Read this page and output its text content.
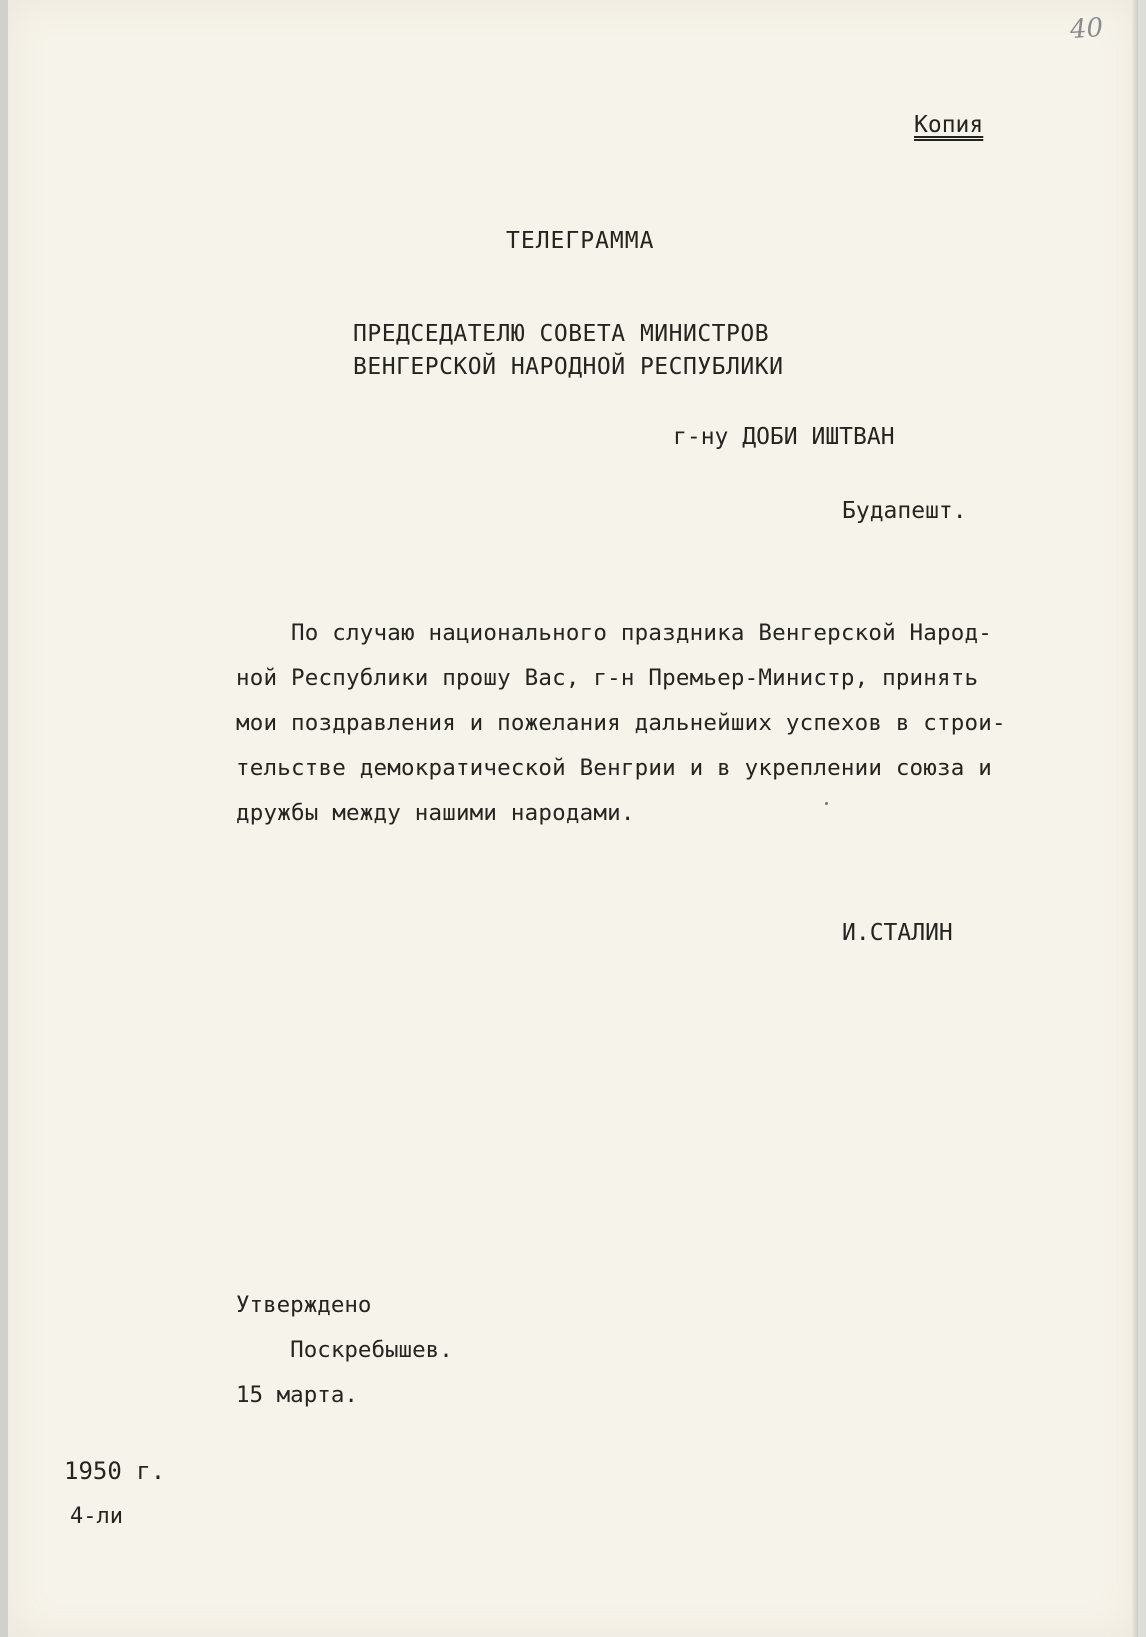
40
Копия
ТЕЛЕГРАММА
ПРЕДСЕДАТЕЛЮ СОВЕТА МИНИСТРОВ
ВЕНГЕРСКОЙ НАРОДНОЙ РЕСПУБЛИКИ
г-ну ДОБИ ИШТВАН
Будапешт.
По случаю национального праздника Венгерской Народ-
ной Республики прошу Вас, г-н Премьер-Министр, принять
мои поздравления и пожелания дальнейших успехов в строи-
тельстве демократической Венгрии и в укреплении союза и
дружбы между нашими народами.
И.СТАЛИН
Утверждено
Поскребышев.
15 марта.
1950 г.
4-ли
